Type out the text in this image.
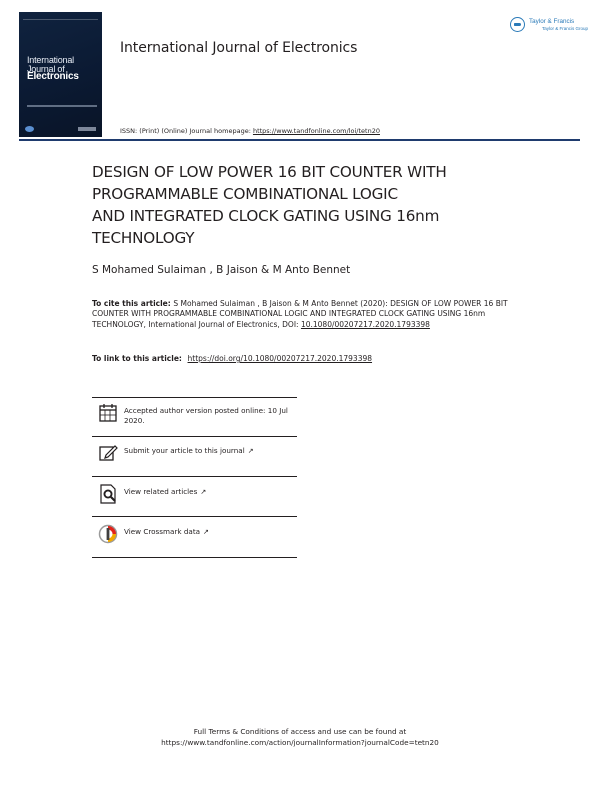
International
Journal of
Electronics
International Journal of Electronics
ISSN: (Print) (Online) Journal homepage: https://www.tandfonline.com/loi/tetn20
Taylor & Francis
Taylor & Francis Group
DESIGN OF LOW POWER 16 BIT COUNTER WITH
PROGRAMMABLE COMBINATIONAL LOGIC
AND INTEGRATED CLOCK GATING USING 16nm
TECHNOLOGY
S Mohamed Sulaiman , B Jaison & M Anto Bennet
To cite this article: S Mohamed Sulaiman , B Jaison & M Anto Bennet (2020): DESIGN OF LOW POWER 16 BIT COUNTER WITH PROGRAMMABLE COMBINATIONAL LOGIC AND INTEGRATED CLOCK GATING USING 16nm TECHNOLOGY, International Journal of Electronics, DOI: 10.1080/00207217.2020.1793398
To link to this article: https://doi.org/10.1080/00207217.2020.1793398
Accepted author version posted online: 10 Jul 2020.
Submit your article to this journal ↗
View related articles ↗
View Crossmark data ↗
Full Terms & Conditions of access and use can be found at
https://www.tandfonline.com/action/journalInformation?journalCode=tetn20
